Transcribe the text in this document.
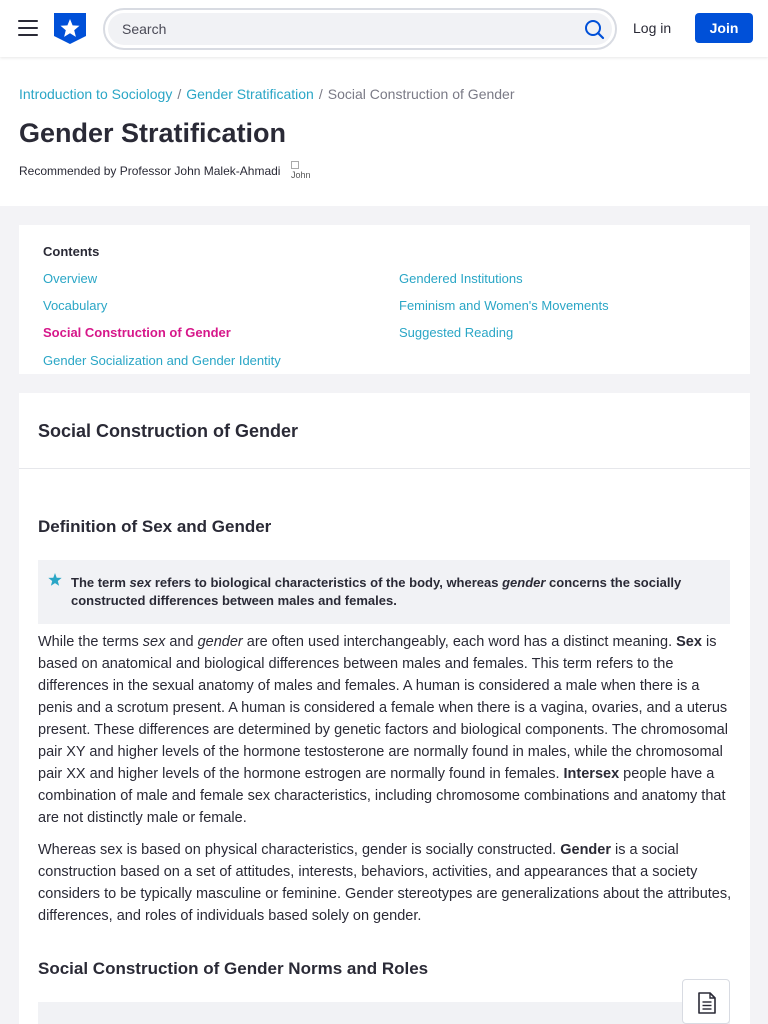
Search
Log in	Join
Introduction to Sociology / Gender Stratification / Social Construction of Gender
Gender Stratification
Recommended by Professor John Malek-Ahmadi John
Contents
Overview
Vocabulary
Social Construction of Gender
Gender Socialization and Gender Identity
Gendered Institutions
Feminism and Women's Movements
Suggested Reading
Social Construction of Gender
Definition of Sex and Gender
The term sex refers to biological characteristics of the body, whereas gender concerns the socially constructed differences between males and females.
While the terms sex and gender are often used interchangeably, each word has a distinct meaning. Sex is based on anatomical and biological differences between males and females. This term refers to the differences in the sexual anatomy of males and females. A human is considered a male when there is a penis and a scrotum present. A human is considered a female when there is a vagina, ovaries, and a uterus present. These differences are determined by genetic factors and biological components. The chromosomal pair XY and higher levels of the hormone testosterone are normally found in males, while the chromosomal pair XX and higher levels of the hormone estrogen are normally found in females. Intersex people have a combination of male and female sex characteristics, including chromosome combinations and anatomy that are not distinctly male or female.
Whereas sex is based on physical characteristics, gender is socially constructed. Gender is a social construction based on a set of attitudes, interests, behaviors, activities, and appearances that a society considers to be typically masculine or feminine. Gender stereotypes are generalizations about the attributes, differences, and roles of individuals based solely on gender.
Social Construction of Gender Norms and Roles
